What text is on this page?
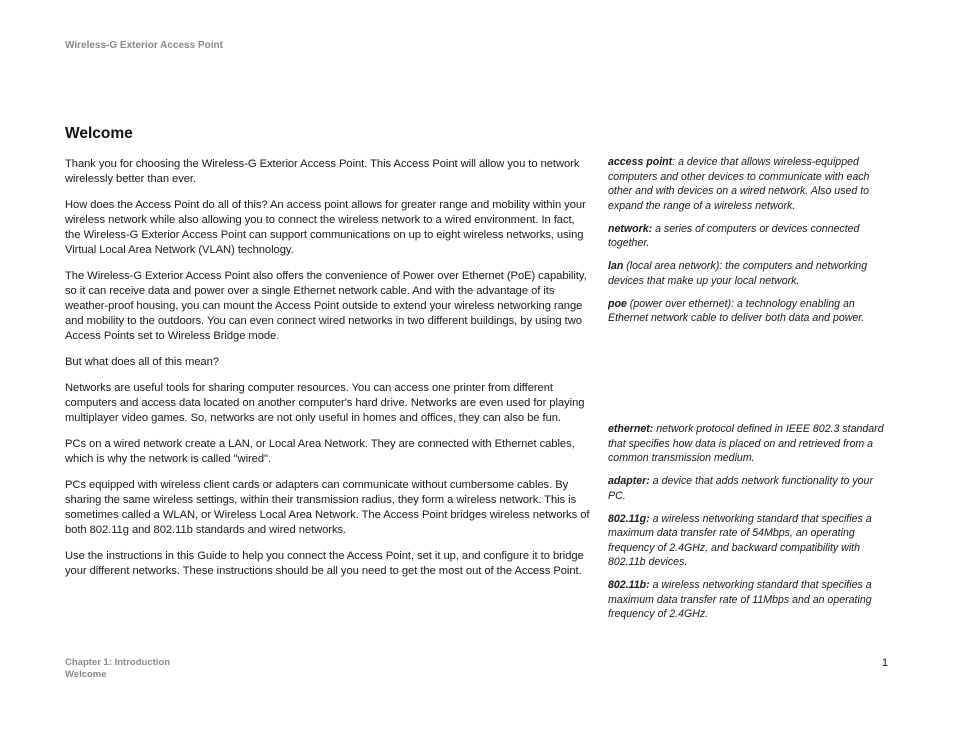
Wireless-G Exterior Access Point
Welcome

Thank you for choosing the Wireless-G Exterior Access Point. This Access Point will allow you to network wirelessly better than ever.

How does the Access Point do all of this? An access point allows for greater range and mobility within your wireless network while also allowing you to connect the wireless network to a wired environment. In fact, the Wireless-G Exterior Access Point can support communications on up to eight wireless networks, using Virtual Local Area Network (VLAN) technology.

The Wireless-G Exterior Access Point also offers the convenience of Power over Ethernet (PoE) capability, so it can receive data and power over a single Ethernet network cable. And with the advantage of its weather-proof housing, you can mount the Access Point outside to extend your wireless networking range and mobility to the outdoors. You can even connect wired networks in two different buildings, by using two Access Points set to Wireless Bridge mode.

But what does all of this mean?

Networks are useful tools for sharing computer resources. You can access one printer from different computers and access data located on another computer's hard drive. Networks are even used for playing multiplayer video games. So, networks are not only useful in homes and offices, they can also be fun.

PCs on a wired network create a LAN, or Local Area Network. They are connected with Ethernet cables, which is why the network is called "wired".

PCs equipped with wireless client cards or adapters can communicate without cumbersome cables. By sharing the same wireless settings, within their transmission radius, they form a wireless network. This is sometimes called a WLAN, or Wireless Local Area Network. The Access Point bridges wireless networks of both 802.11g and 802.11b standards and wired networks.

Use the instructions in this Guide to help you connect the Access Point, set it up, and configure it to bridge your different networks. These instructions should be all you need to get the most out of the Access Point.

access point: a device that allows wireless-equipped computers and other devices to communicate with each other and with devices on a wired network. Also used to expand the range of a wireless network.
network: a series of computers or devices connected together.
lan (local area network): the computers and networking devices that make up your local network.
poe (power over ethernet): a technology enabling an Ethernet network cable to deliver both data and power.
ethernet: network protocol defined in IEEE 802.3 standard that specifies how data is placed on and retrieved from a common transmission medium.
adapter: a device that adds network functionality to your PC.
802.11g: a wireless networking standard that specifies a maximum data transfer rate of 54Mbps, an operating frequency of 2.4GHz, and backward compatibility with 802.11b devices.
802.11b: a wireless networking standard that specifies a maximum data transfer rate of 11Mbps and an operating frequency of 2.4GHz.
Chapter 1: Introduction
Welcome
1
